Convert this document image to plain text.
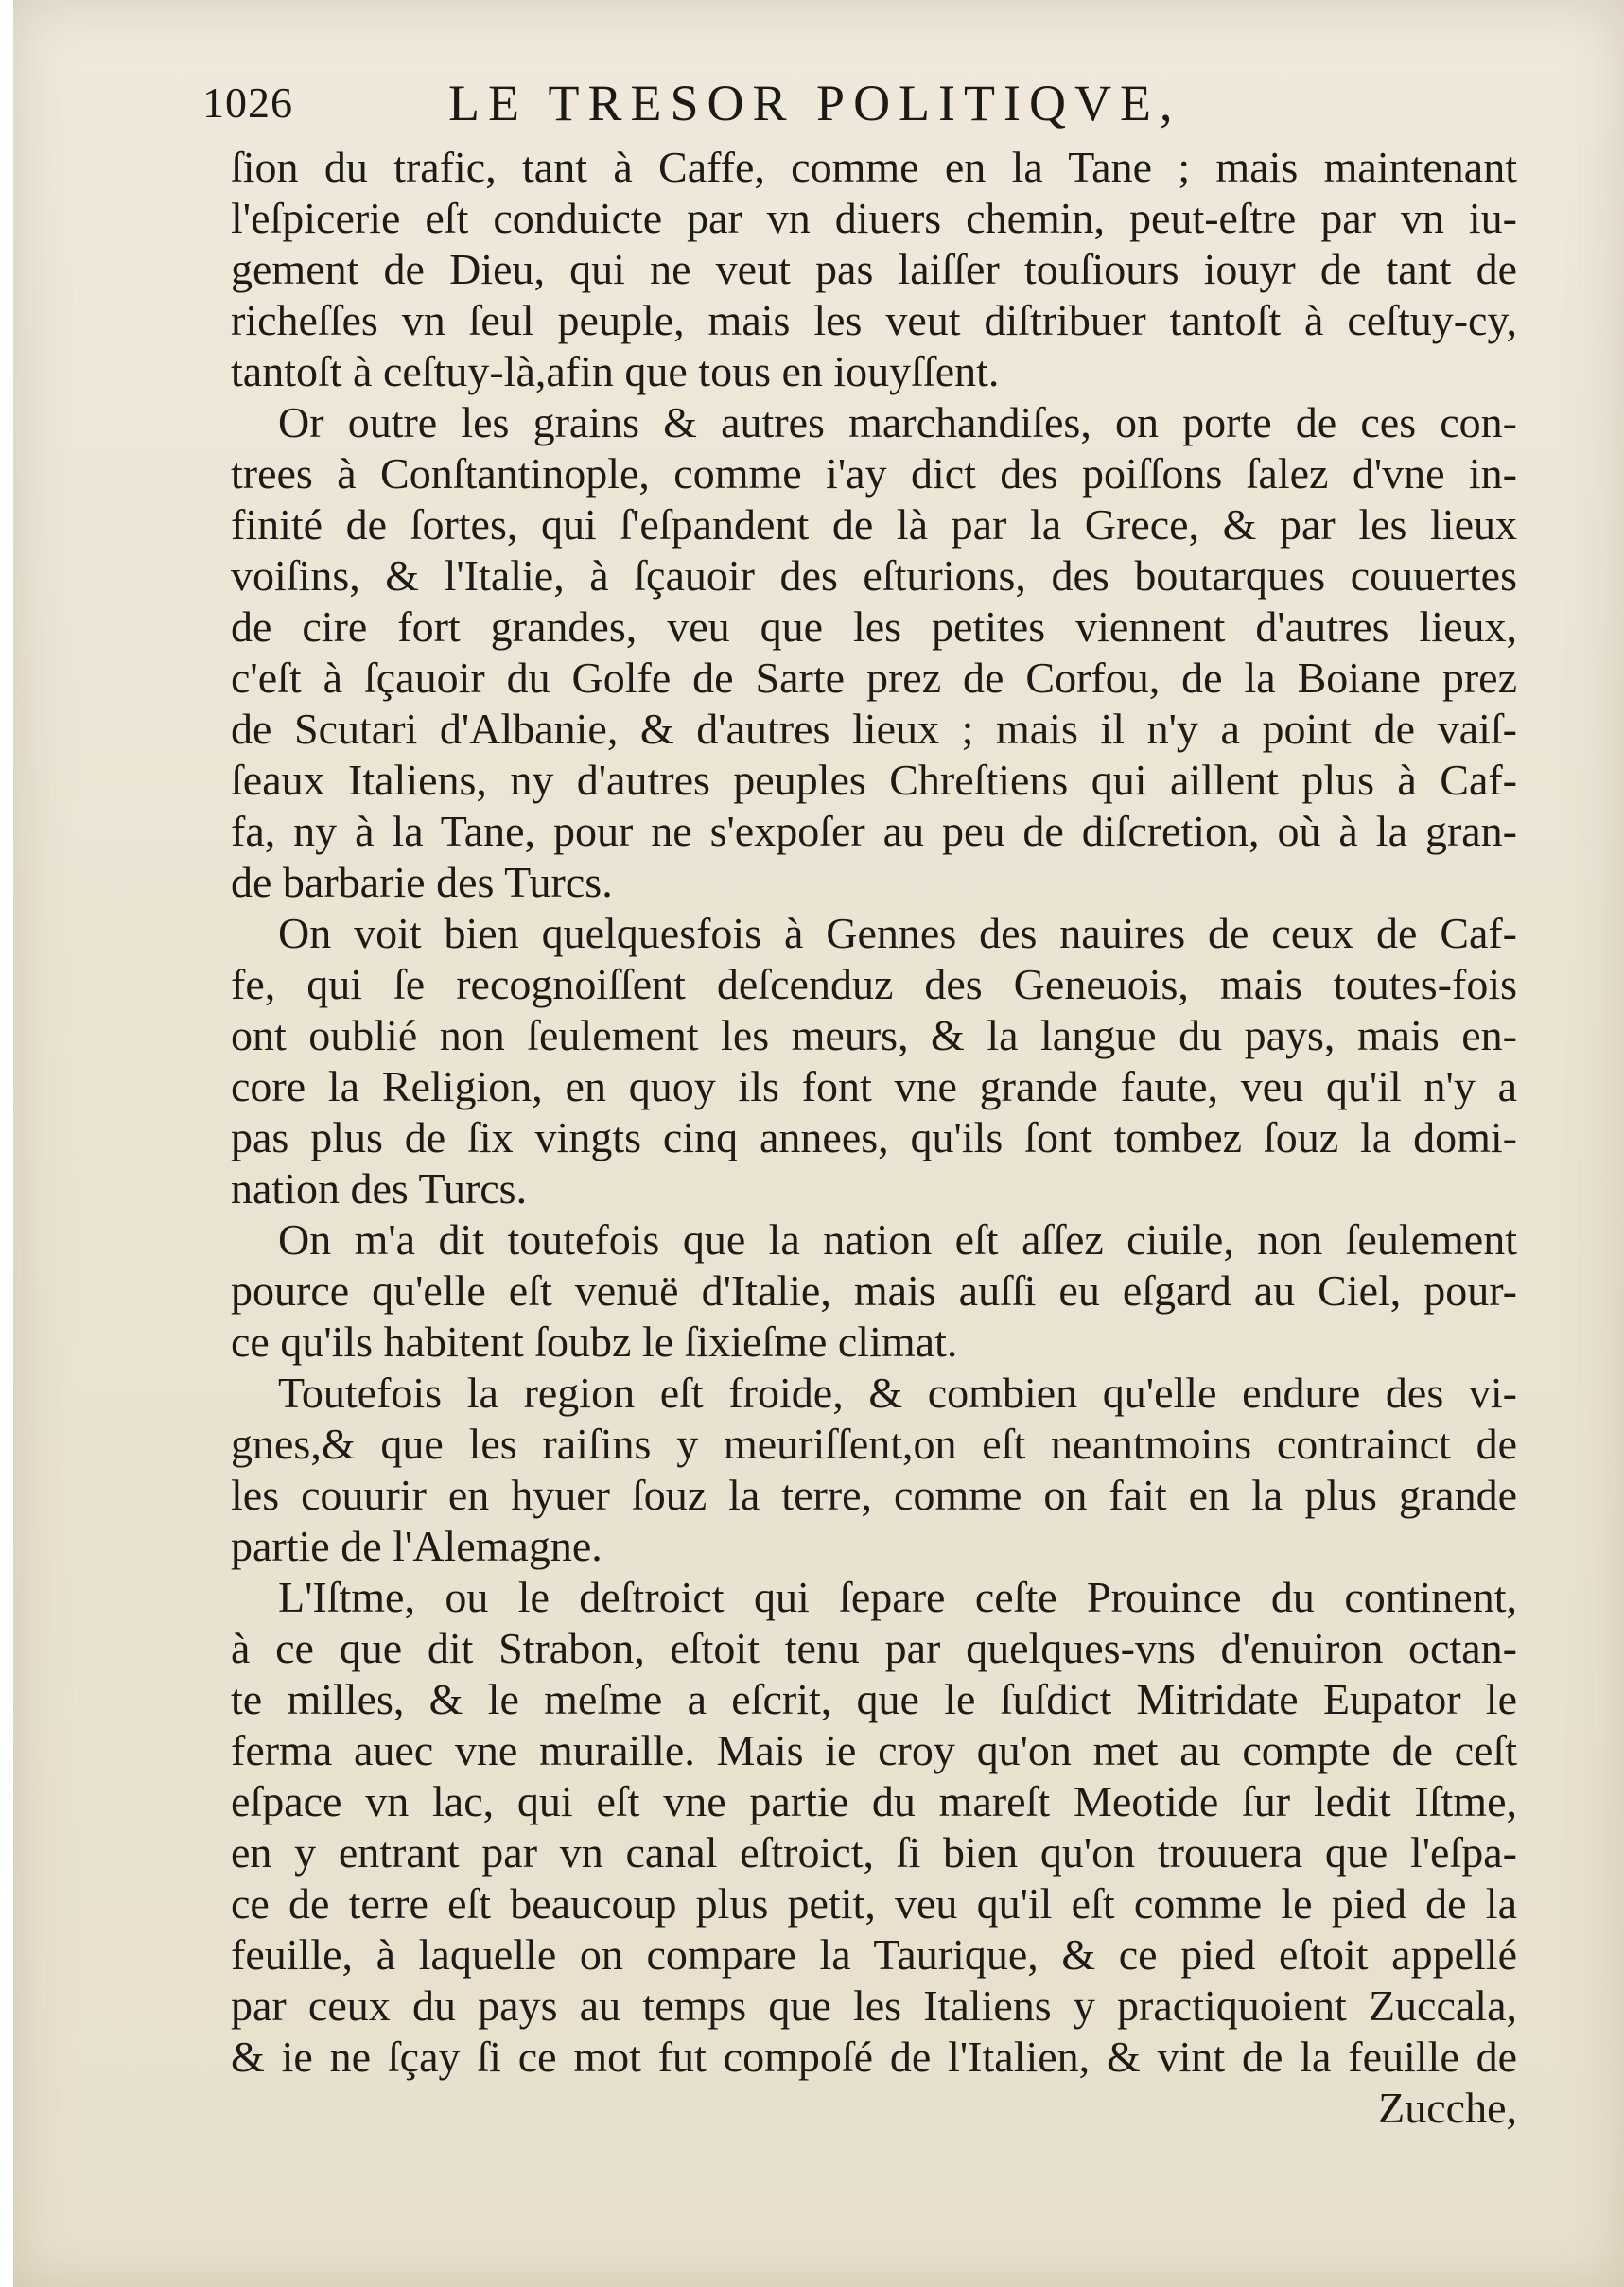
1026	LE TRESOR POLITIQVE,
ſion du trafic, tant à Caffe, comme en la Tane ; mais maintenant
l'eſpicerie eſt conduicte par vn diuers chemin, peut-eſtre par vn iu-
gement de Dieu, qui ne veut pas laiſſer touſiours iouyr de tant de
richeſſes vn ſeul peuple, mais les veut diſtribuer tantoſt à ceſtuy-cy,
tantoſt à ceſtuy-là,afin que tous en iouyſſent.
Or outre les grains & autres marchandiſes, on porte de ces con-
trees à Conſtantinople, comme i'ay dict des poiſſons ſalez d'vne in-
finité de ſortes, qui ſ'eſpandent de là par la Grece, & par les lieux
voiſins, & l'Italie, à ſçauoir des eſturions, des boutarques couuertes
de cire fort grandes, veu que les petites viennent d'autres lieux,
c'eſt à ſçauoir du Golfe de Sarte prez de Corfou, de la Boiane prez
de Scutari d'Albanie, & d'autres lieux ; mais il n'y a point de vaiſ-
ſeaux Italiens, ny d'autres peuples Chreſtiens qui aillent plus à Caf-
fa, ny à la Tane, pour ne s'expoſer au peu de diſcretion, où à la gran-
de barbarie des Turcs.
On voit bien quelquesfois à Gennes des nauires de ceux de Caf-
fe, qui ſe recognoiſſent deſcenduz des Geneuois, mais toutes-fois
ont oublié non ſeulement les meurs, & la langue du pays, mais en-
core la Religion, en quoy ils font vne grande faute, veu qu'il n'y a
pas plus de ſix vingts cinq annees, qu'ils ſont tombez ſouz la domi-
nation des Turcs.
On m'a dit toutefois que la nation eſt aſſez ciuile, non ſeulement
pource qu'elle eſt venuë d'Italie, mais auſſi eu eſgard au Ciel, pour-
ce qu'ils habitent ſoubz le ſixieſme climat.
Toutefois la region eſt froide, & combien qu'elle endure des vi-
gnes,& que les raiſins y meuriſſent,on eſt neantmoins contrainct de
les couurir en hyuer ſouz la terre, comme on fait en la plus grande
partie de l'Alemagne.
L'Iſtme, ou le deſtroict qui ſepare ceſte Prouince du continent,
à ce que dit Strabon, eſtoit tenu par quelques-vns d'enuiron octan-
te milles, & le meſme a eſcrit, que le ſuſdict Mitridate Eupator le
ferma auec vne muraille. Mais ie croy qu'on met au compte de ceſt
eſpace vn lac, qui eſt vne partie du mareſt Meotide ſur ledit Iſtme,
en y entrant par vn canal eſtroict, ſi bien qu'on trouuera que l'eſpa-
ce de terre eſt beaucoup plus petit, veu qu'il eſt comme le pied de la
feuille, à laquelle on compare la Taurique, & ce pied eſtoit appellé
par ceux du pays au temps que les Italiens y practiquoient Zuccala,
& ie ne ſçay ſi ce mot fut compoſé de l'Italien, & vint de la feuille de
Zucche,
